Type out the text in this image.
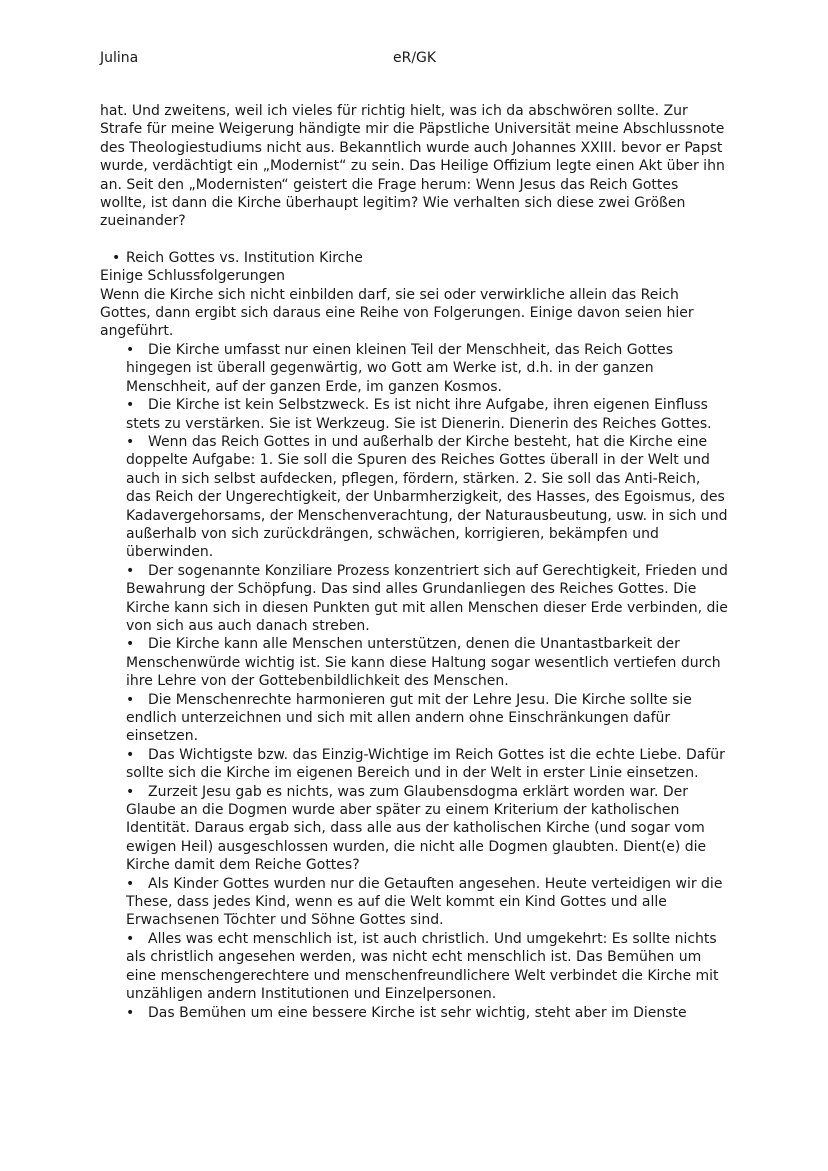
Julina	eR/GK

hat. Und zweitens, weil ich vieles für richtig hielt, was ich da abschwören sollte. Zur Strafe für meine Weigerung händigte mir die Päpstliche Universität meine Abschlussnote des Theologiestudiums nicht aus. Bekanntlich wurde auch Johannes XXIII. bevor er Papst wurde, verdächtigt ein „Modernist“ zu sein. Das Heilige Offizium legte einen Akt über ihn an. Seit den „Modernisten“ geistert die Frage herum: Wenn Jesus das Reich Gottes wollte, ist dann die Kirche überhaupt legitim? Wie verhalten sich diese zwei Größen zueinander?

• Reich Gottes vs. Institution Kirche

Einige Schlussfolgerungen

Wenn die Kirche sich nicht einbilden darf, sie sei oder verwirkliche allein das Reich Gottes, dann ergibt sich daraus eine Reihe von Folgerungen. Einige davon seien hier angeführt.

• Die Kirche umfasst nur einen kleinen Teil der Menschheit, das Reich Gottes hingegen ist überall gegenwärtig, wo Gott am Werke ist, d.h. in der ganzen Menschheit, auf der ganzen Erde, im ganzen Kosmos.
• Die Kirche ist kein Selbstzweck. Es ist nicht ihre Aufgabe, ihren eigenen Einfluss stets zu verstärken. Sie ist Werkzeug. Sie ist Dienerin. Dienerin des Reiches Gottes.
• Wenn das Reich Gottes in und außerhalb der Kirche besteht, hat die Kirche eine doppelte Aufgabe: 1. Sie soll die Spuren des Reiches Gottes überall in der Welt und auch in sich selbst aufdecken, pflegen, fördern, stärken. 2. Sie soll das Anti-Reich, das Reich der Ungerechtigkeit, der Unbarmherzigkeit, des Hasses, des Egoismus, des Kadavergehorsams, der Menschenverachtung, der Naturausbeutung, usw. in sich und außerhalb von sich zurückdrängen, schwächen, korrigieren, bekämpfen und überwinden.
• Der sogenannte Konziliare Prozess konzentriert sich auf Gerechtigkeit, Frieden und Bewahrung der Schöpfung. Das sind alles Grundanliegen des Reiches Gottes. Die Kirche kann sich in diesen Punkten gut mit allen Menschen dieser Erde verbinden, die von sich aus auch danach streben.
• Die Kirche kann alle Menschen unterstützen, denen die Unantastbarkeit der Menschenwürde wichtig ist. Sie kann diese Haltung sogar wesentlich vertiefen durch ihre Lehre von der Gottebenbildlichkeit des Menschen.
• Die Menschenrechte harmonieren gut mit der Lehre Jesu. Die Kirche sollte sie endlich unterzeichnen und sich mit allen andern ohne Einschränkungen dafür einsetzen.
• Das Wichtigste bzw. das Einzig-Wichtige im Reich Gottes ist die echte Liebe. Dafür sollte sich die Kirche im eigenen Bereich und in der Welt in erster Linie einsetzen.
• Zurzeit Jesu gab es nichts, was zum Glaubensdogma erklärt worden war. Der Glaube an die Dogmen wurde aber später zu einem Kriterium der katholischen Identität. Daraus ergab sich, dass alle aus der katholischen Kirche (und sogar vom ewigen Heil) ausgeschlossen wurden, die nicht alle Dogmen glaubten. Dient(e) die Kirche damit dem Reiche Gottes?
• Als Kinder Gottes wurden nur die Getauften angesehen. Heute verteidigen wir die These, dass jedes Kind, wenn es auf die Welt kommt ein Kind Gottes und alle Erwachsenen Töchter und Söhne Gottes sind.
• Alles was echt menschlich ist, ist auch christlich. Und umgekehrt: Es sollte nichts als christlich angesehen werden, was nicht echt menschlich ist. Das Bemühen um eine menschengerechtere und menschenfreundlichere Welt verbindet die Kirche mit unzähligen andern Institutionen und Einzelpersonen.
• Das Bemühen um eine bessere Kirche ist sehr wichtig, steht aber im Dienste
